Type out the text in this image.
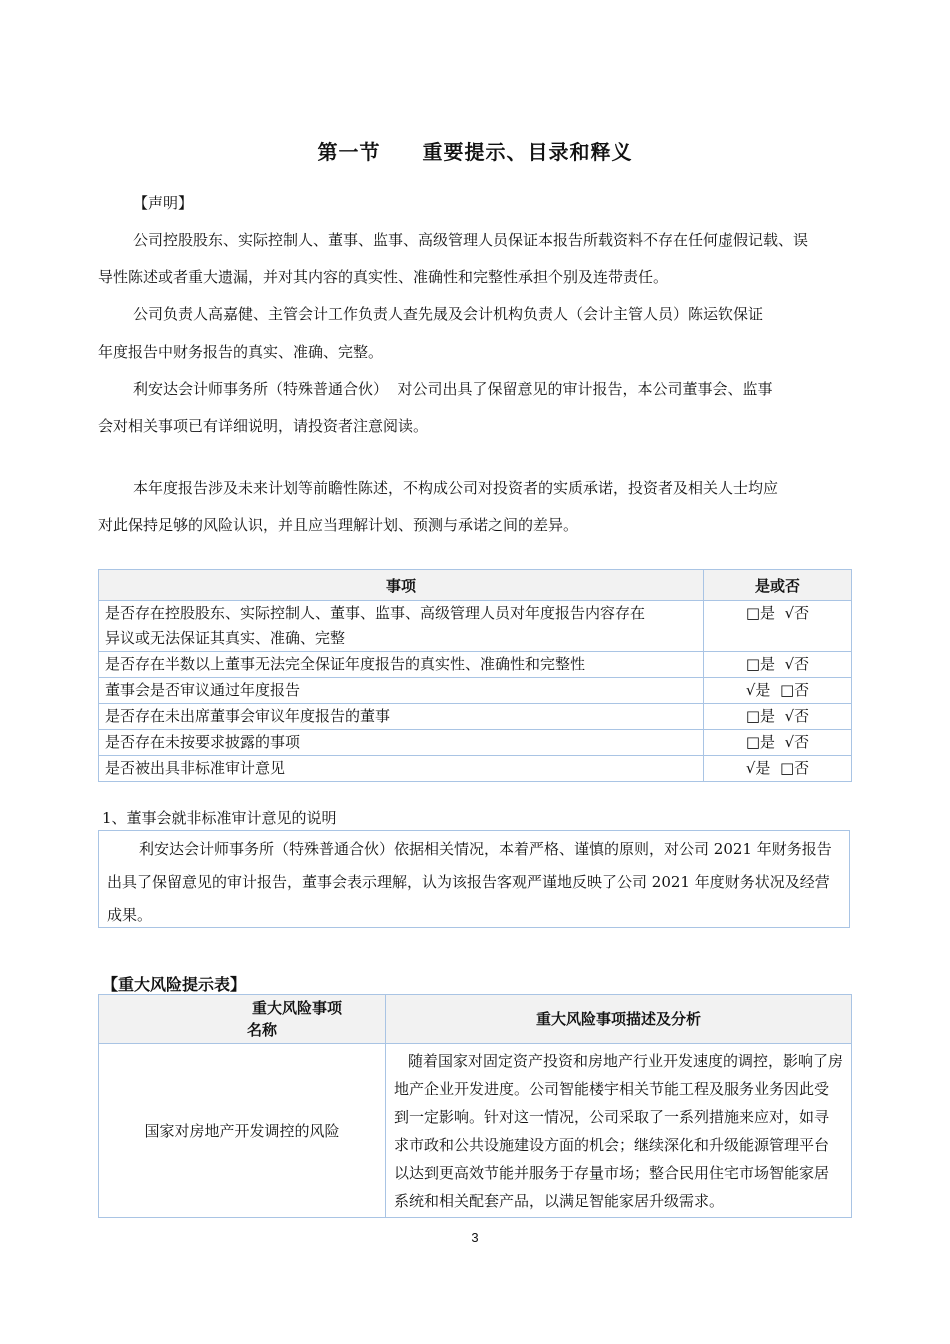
第一节　　重要提示、目录和释义
【声明】
公司控股股东、实际控制人、董事、监事、高级管理人员保证本报告所载资料不存在任何虚假记载、误
导性陈述或者重大遗漏，并对其内容的真实性、准确性和完整性承担个别及连带责任。
公司负责人高嘉健、主管会计工作负责人查先晟及会计机构负责人（会计主管人员）陈运钦保证
年度报告中财务报告的真实、准确、完整。
利安达会计师事务所（特殊普通合伙）  对公司出具了保留意见的审计报告，本公司董事会、监事
会对相关事项已有详细说明，请投资者注意阅读。
本年度报告涉及未来计划等前瞻性陈述，不构成公司对投资者的实质承诺，投资者及相关人士均应
对此保持足够的风险认识，并且应当理解计划、预测与承诺之间的差异。
事项	是或否

是否存在控股股东、实际控制人、董事、监事、高级管理人员对年度报告内容存在
异议或无法保证其真实、准确、完整	□是  √否
是否存在半数以上董事无法完全保证年度报告的真实性、准确性和完整性	□是  √否
董事会是否审议通过年度报告	√是  □否
是否存在未出席董事会审议年度报告的董事	□是  √否
是否存在未按要求披露的事项	□是  √否
是否被出具非标准审计意见	√是  □否
1、董事会就非标准审计意见的说明

利安达会计师事务所（特殊普通合伙）依据相关情况，本着严格、谨慎的原则，对公司 2021 年财务报告出具了保留意见的审计报告，董事会表示理解，认为该报告客观严谨地反映了公司 2021 年度财务状况及经营成果。

【重大风险提示表】
重大风险事项
名称	重大风险事项描述及分析
国家对房地产开发调控的风险	随着国家对固定资产投资和房地产行业开发速度的调控，影响了房地产企业开发进度。公司智能楼宇相关节能工程及服务业务因此受到一定影响。针对这一情况，公司采取了一系列措施来应对，如寻求市政和公共设施建设方面的机会；继续深化和升级能源管理平台以达到更高效节能并服务于存量市场；整合民用住宅市场智能家居系统和相关配套产品，以满足智能家居升级需求。

3
